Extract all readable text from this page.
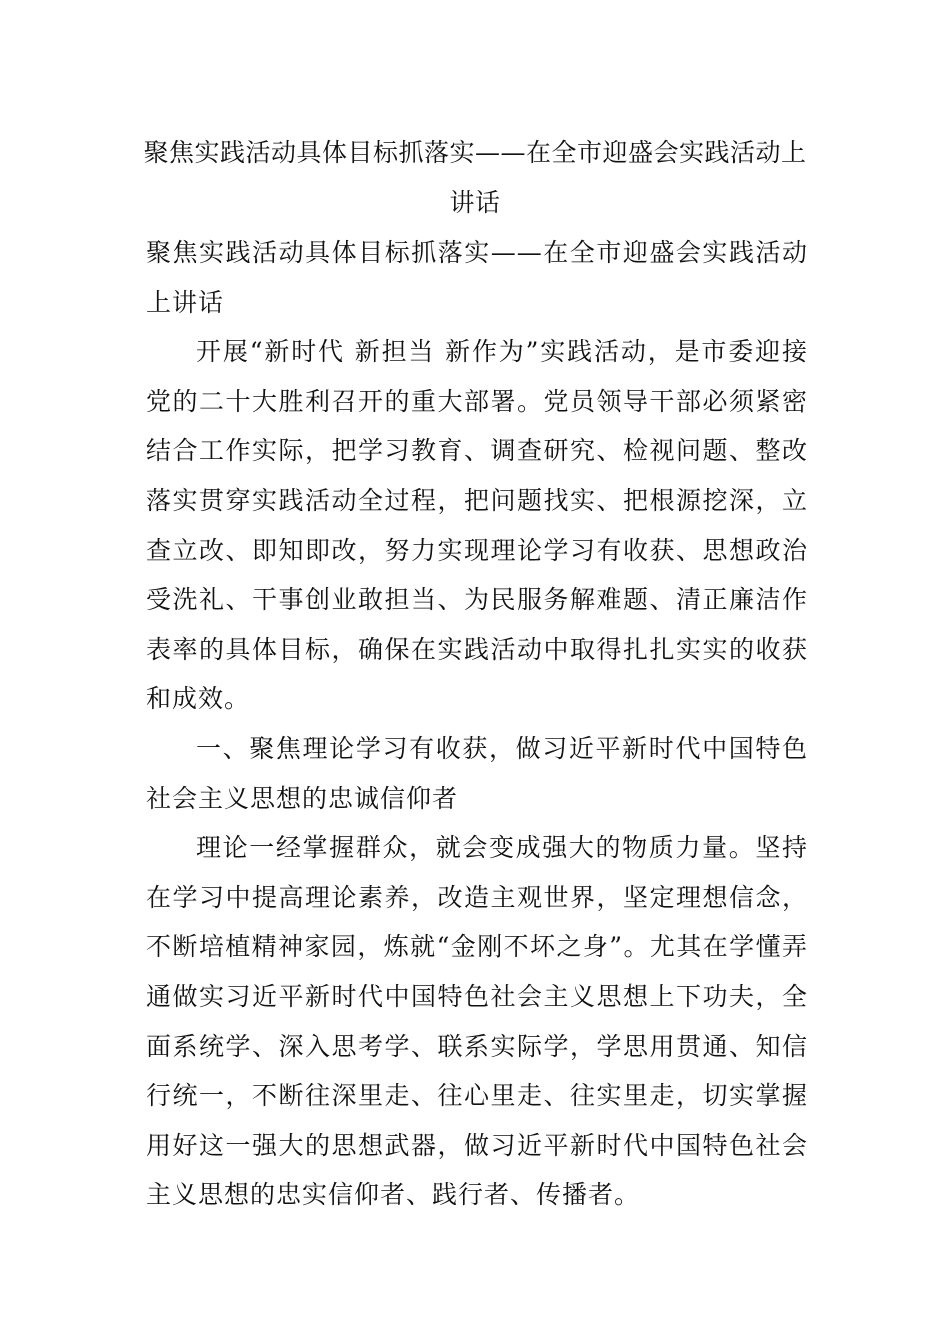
聚焦实践活动具体目标抓落实——在全市迎盛会实践活动上讲话

聚焦实践活动具体目标抓落实——在全市迎盛会实践活动上讲话

开展“新时代 新担当 新作为”实践活动，是市委迎接党的二十大胜利召开的重大部署。党员领导干部必须紧密结合工作实际，把学习教育、调查研究、检视问题、整改落实贯穿实践活动全过程，把问题找实、把根源挖深，立查立改、即知即改，努力实现理论学习有收获、思想政治受洗礼、干事创业敢担当、为民服务解难题、清正廉洁作表率的具体目标，确保在实践活动中取得扎扎实实的收获和成效。

一、聚焦理论学习有收获，做习近平新时代中国特色社会主义思想的忠诚信仰者

理论一经掌握群众，就会变成强大的物质力量。坚持在学习中提高理论素养，改造主观世界，坚定理想信念，不断培植精神家园，炼就“金刚不坏之身”。尤其在学懂弄通做实习近平新时代中国特色社会主义思想上下功夫，全面系统学、深入思考学、联系实际学，学思用贯通、知信行统一，不断往深里走、往心里走、往实里走，切实掌握用好这一强大的思想武器，做习近平新时代中国特色社会主义思想的忠实信仰者、践行者、传播者。
